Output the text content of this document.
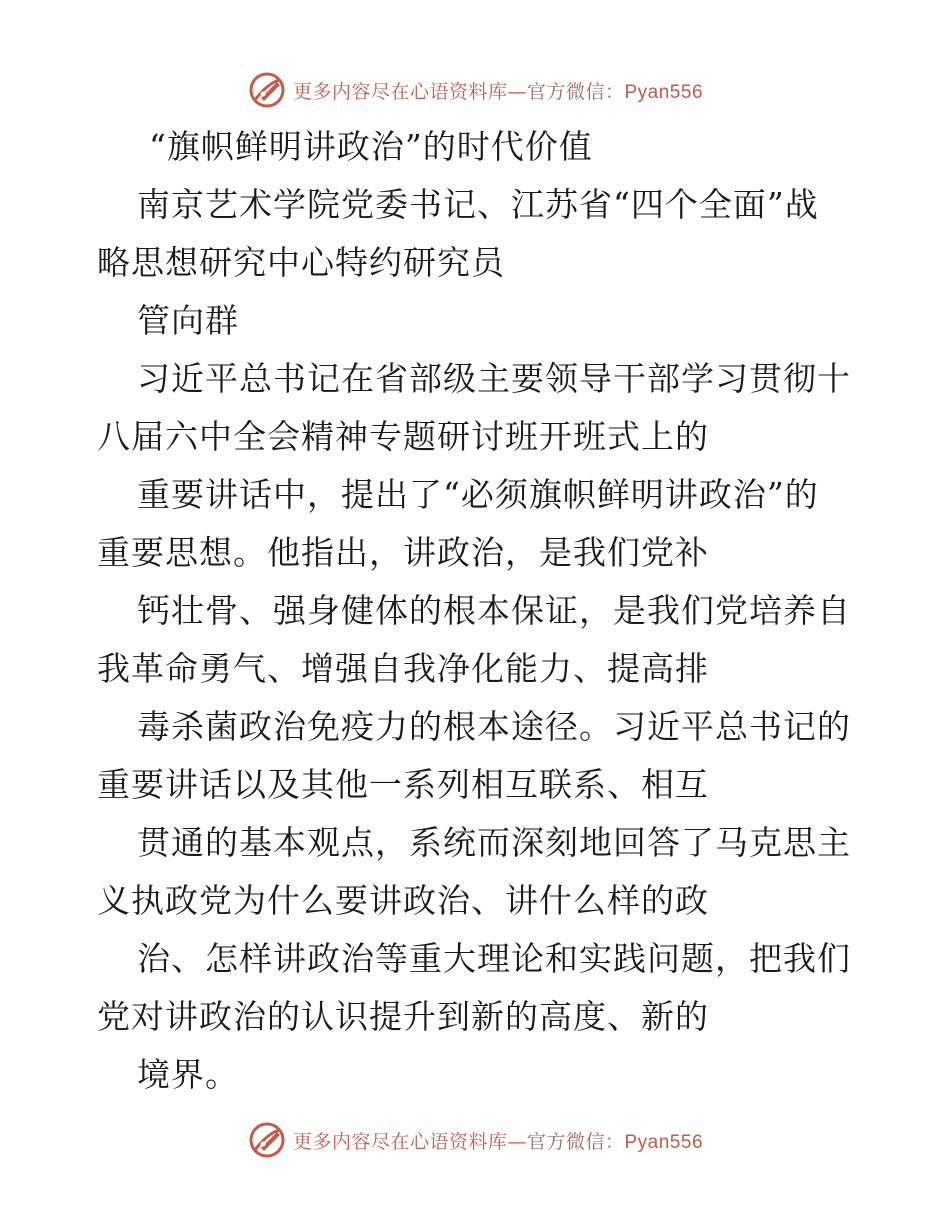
更多内容尽在心语资料库—官方微信：Pyan556
“旗帜鲜明讲政治”的时代价值
南京艺术学院党委书记、江苏省“四个全面”战
略思想研究中心特约研究员
管向群
习近平总书记在省部级主要领导干部学习贯彻十
八届六中全会精神专题研讨班开班式上的
重要讲话中，提出了“必须旗帜鲜明讲政治”的
重要思想。他指出，讲政治，是我们党补
钙壮骨、强身健体的根本保证，是我们党培养自
我革命勇气、增强自我净化能力、提高排
毒杀菌政治免疫力的根本途径。习近平总书记的
重要讲话以及其他一系列相互联系、相互
贯通的基本观点，系统而深刻地回答了马克思主
义执政党为什么要讲政治、讲什么样的政
治、怎样讲政治等重大理论和实践问题，把我们
党对讲政治的认识提升到新的高度、新的
境界。
更多内容尽在心语资料库—官方微信：Pyan556
